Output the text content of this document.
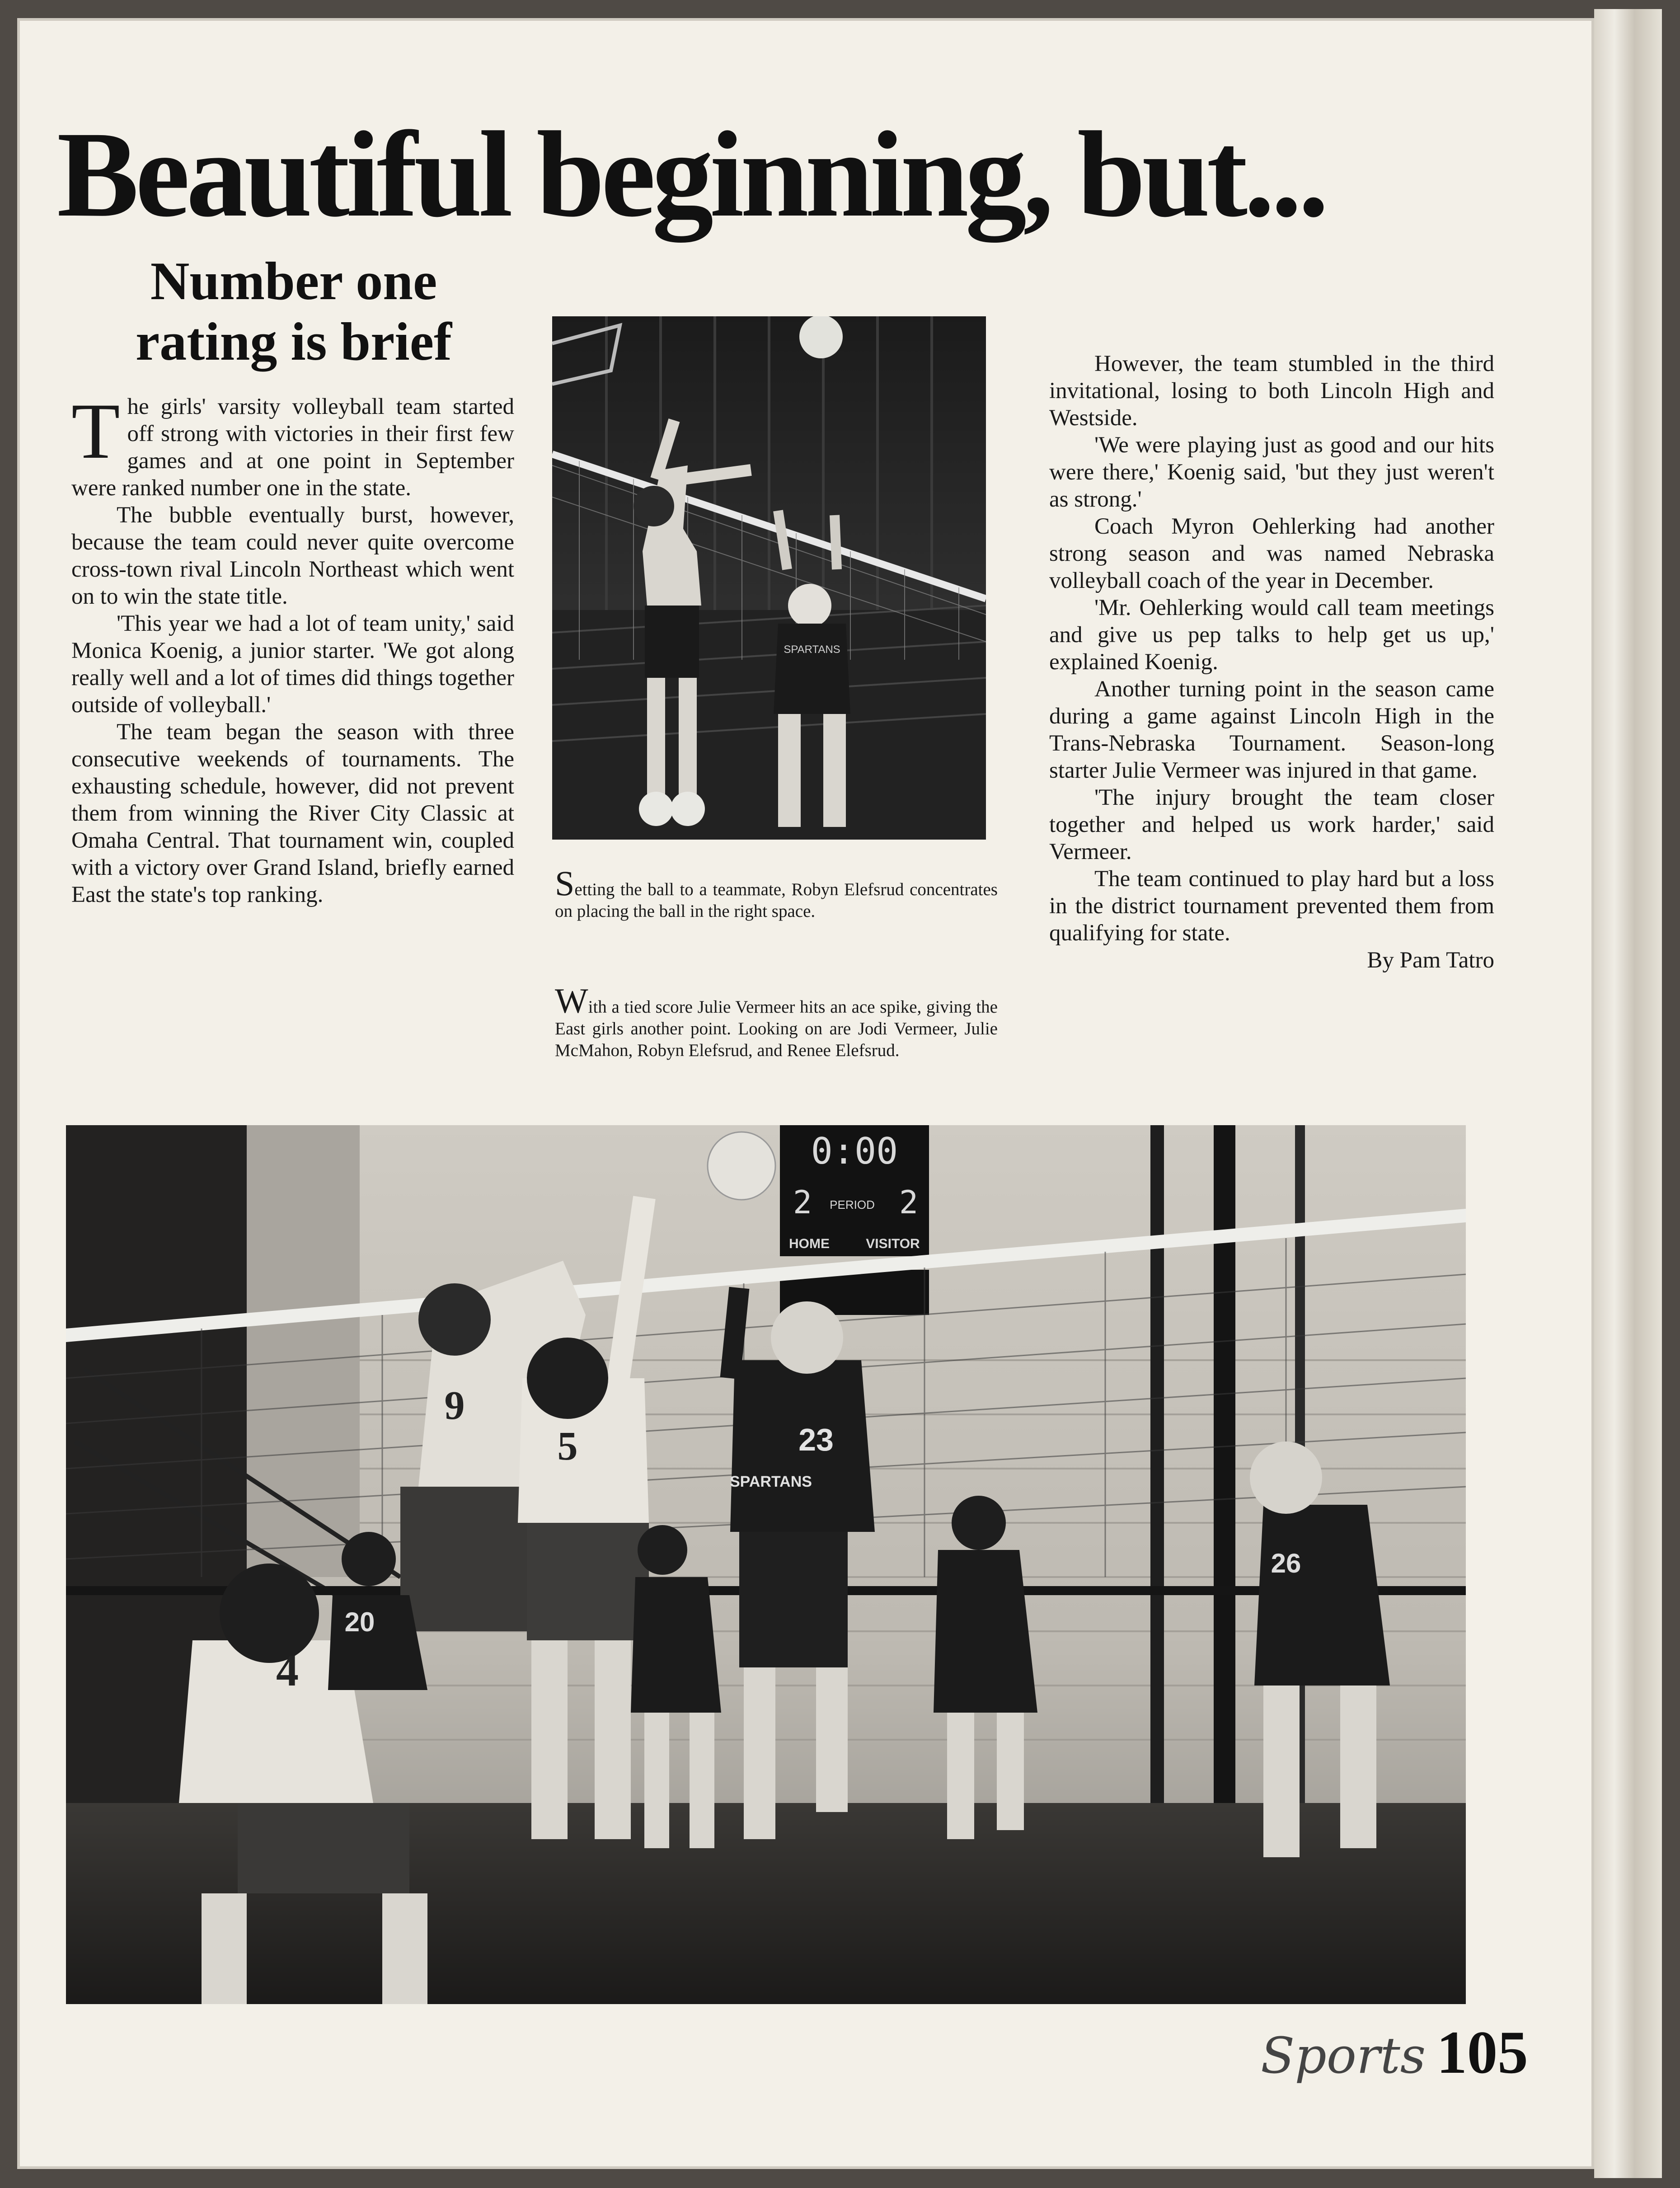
Beautiful beginning, but...
Number one
rating is brief

The girls' varsity volleyball team started off strong with victories in their first few games and at one point in September were ranked number one in the state.

The bubble eventually burst, however, because the team could never quite overcome cross-town rival Lincoln Northeast which went on to win the state title.

'This year we had a lot of team unity,' said Monica Koenig, a junior starter. 'We got along really well and a lot of times did things together outside of volleyball.'

The team began the season with three consecutive weekends of tournaments. The exhausting schedule, however, did not prevent them from winning the River City Classic at Omaha Central. That tournament win, coupled with a victory over Grand Island, briefly earned East the state's top ranking.

SPARTANS
Setting the ball to a teammate, Robyn Elefsrud concentrates on placing the ball in the right space.
With a tied score Julie Vermeer hits an ace spike, giving the East girls another point. Looking on are Jodi Vermeer, Julie McMahon, Robyn Elefsrud, and Renee Elefsrud.

However, the team stumbled in the third invitational, losing to both Lincoln High and Westside.

'We were playing just as good and our hits were there,' Koenig said, 'but they just weren't as strong.'

Coach Myron Oehlerking had another strong season and was named Nebraska volleyball coach of the year in December.

'Mr. Oehlerking would call team meetings and give us pep talks to help get us up,' explained Koenig.

Another turning point in the season came during a game against Lincoln High in the Trans-Nebraska Tournament. Season-long starter Julie Vermeer was injured in that game.

'The injury brought the team closer together and helped us work harder,' said Vermeer.

The team continued to play hard but a loss in the district tournament prevented them from qualifying for state.

By Pam Tatro

0:00
2 PERIOD 2
HOME	VISITOR
9
5	23
SPARTANS
4
20
26
Sports 105
